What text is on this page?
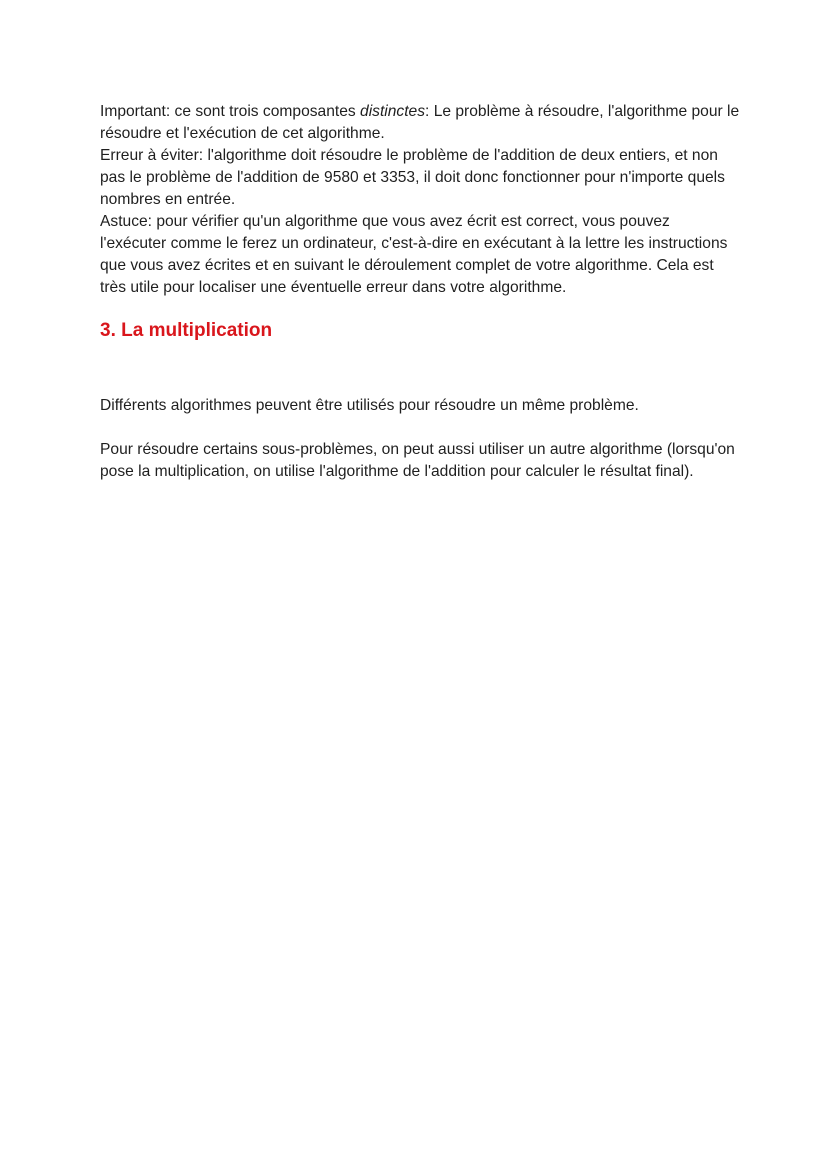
Important: ce sont trois composantes distinctes: Le problème à résoudre, l'algorithme pour le résoudre et l'exécution de cet algorithme.

Erreur à éviter: l'algorithme doit résoudre le problème de l'addition de deux entiers, et non pas le problème de l'addition de 9580 et 3353, il doit donc fonctionner pour n'importe quels nombres en entrée.

Astuce: pour vérifier qu'un algorithme que vous avez écrit est correct, vous pouvez l'exécuter comme le ferez un ordinateur, c'est-à-dire en exécutant à la lettre les instructions que vous avez écrites et en suivant le déroulement complet de votre algorithme. Cela est très utile pour localiser une éventuelle erreur dans votre algorithme.

3. La multiplication

Différents algorithmes peuvent être utilisés pour résoudre un même problème.

Pour résoudre certains sous-problèmes, on peut aussi utiliser un autre algorithme (lorsqu'on pose la multiplication, on utilise l'algorithme de l'addition pour calculer le résultat final).
